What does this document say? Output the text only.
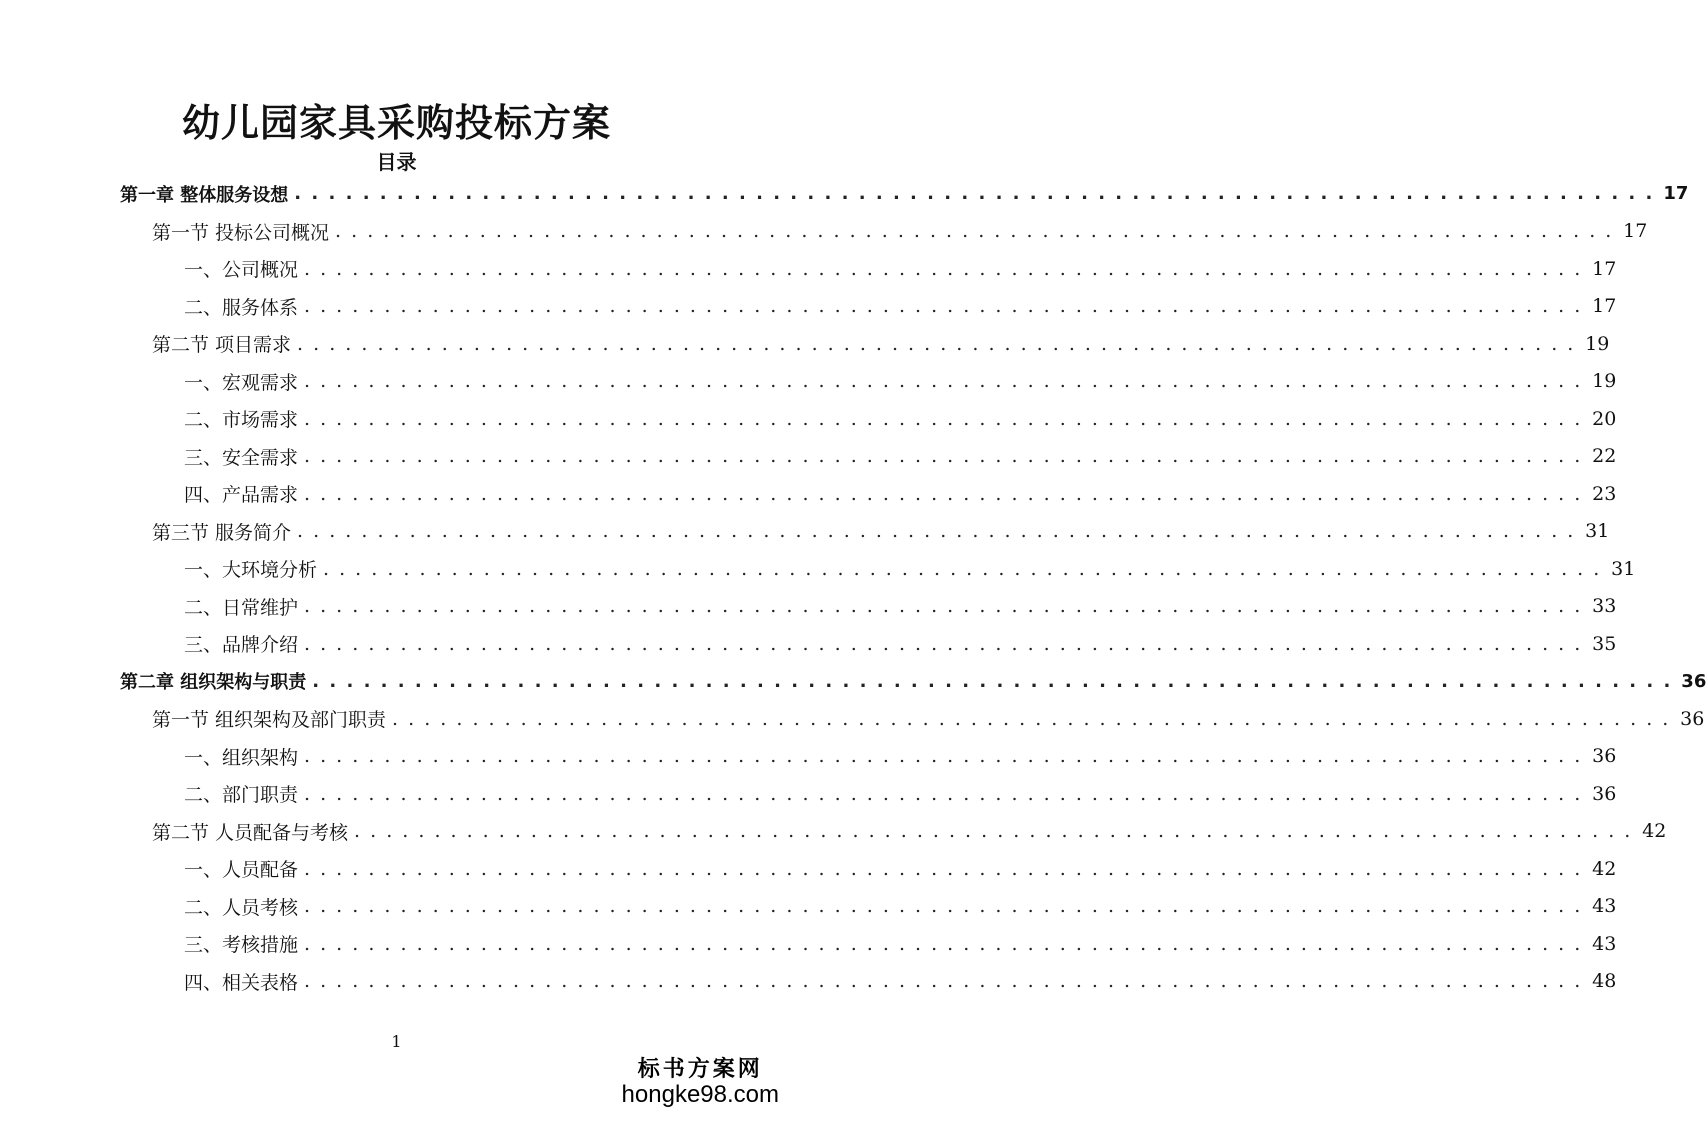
幼儿园家具采购投标方案
目录
第一章 整体服务设想 . . . . . . . . . . . . . . . . . . . . . . . . . . . . . . . . . . . . . . . . . . . . . . . . . . . . . . . . . . . . . . . . . . . . . . . . . . . . . . . . 17
第一节 投标公司概况 . . . . . . . . . . . . . . . . . . . . . . . . . . . . . . . . . . . . . . . . . . . . . . . . . . . . . . . . . . . . . . . . . . . . . . . . . . . . . . . . 17
一、公司概况 . . . . . . . . . . . . . . . . . . . . . . . . . . . . . . . . . . . . . . . . . . . . . . . . . . . . . . . . . . . . . . . . . . . . . . . . . . . . . . . . 17
二、服务体系 . . . . . . . . . . . . . . . . . . . . . . . . . . . . . . . . . . . . . . . . . . . . . . . . . . . . . . . . . . . . . . . . . . . . . . . . . . . . . . . . 17
第二节 项目需求 . . . . . . . . . . . . . . . . . . . . . . . . . . . . . . . . . . . . . . . . . . . . . . . . . . . . . . . . . . . . . . . . . . . . . . . . . . . . . . . . 19
一、宏观需求 . . . . . . . . . . . . . . . . . . . . . . . . . . . . . . . . . . . . . . . . . . . . . . . . . . . . . . . . . . . . . . . . . . . . . . . . . . . . . . . . 19
二、市场需求 . . . . . . . . . . . . . . . . . . . . . . . . . . . . . . . . . . . . . . . . . . . . . . . . . . . . . . . . . . . . . . . . . . . . . . . . . . . . . . . . 20
三、安全需求 . . . . . . . . . . . . . . . . . . . . . . . . . . . . . . . . . . . . . . . . . . . . . . . . . . . . . . . . . . . . . . . . . . . . . . . . . . . . . . . . 22
四、产品需求 . . . . . . . . . . . . . . . . . . . . . . . . . . . . . . . . . . . . . . . . . . . . . . . . . . . . . . . . . . . . . . . . . . . . . . . . . . . . . . . . 23
第三节 服务简介 . . . . . . . . . . . . . . . . . . . . . . . . . . . . . . . . . . . . . . . . . . . . . . . . . . . . . . . . . . . . . . . . . . . . . . . . . . . . . . . . 31
一、大环境分析 . . . . . . . . . . . . . . . . . . . . . . . . . . . . . . . . . . . . . . . . . . . . . . . . . . . . . . . . . . . . . . . . . . . . . . . . . . . . . . . . 31
二、日常维护 . . . . . . . . . . . . . . . . . . . . . . . . . . . . . . . . . . . . . . . . . . . . . . . . . . . . . . . . . . . . . . . . . . . . . . . . . . . . . . . . 33
三、品牌介绍 . . . . . . . . . . . . . . . . . . . . . . . . . . . . . . . . . . . . . . . . . . . . . . . . . . . . . . . . . . . . . . . . . . . . . . . . . . . . . . . . 35
第二章 组织架构与职责 . . . . . . . . . . . . . . . . . . . . . . . . . . . . . . . . . . . . . . . . . . . . . . . . . . . . . . . . . . . . . . . . . . . . . . . . . . . . . . . . 36
第一节 组织架构及部门职责 . . . . . . . . . . . . . . . . . . . . . . . . . . . . . . . . . . . . . . . . . . . . . . . . . . . . . . . . . . . . . . . . . . . . . . . . . . . . . . . . 36
一、组织架构 . . . . . . . . . . . . . . . . . . . . . . . . . . . . . . . . . . . . . . . . . . . . . . . . . . . . . . . . . . . . . . . . . . . . . . . . . . . . . . . . 36
二、部门职责 . . . . . . . . . . . . . . . . . . . . . . . . . . . . . . . . . . . . . . . . . . . . . . . . . . . . . . . . . . . . . . . . . . . . . . . . . . . . . . . . 36
第二节 人员配备与考核 . . . . . . . . . . . . . . . . . . . . . . . . . . . . . . . . . . . . . . . . . . . . . . . . . . . . . . . . . . . . . . . . . . . . . . . . . . . . . . . . 42
一、人员配备 . . . . . . . . . . . . . . . . . . . . . . . . . . . . . . . . . . . . . . . . . . . . . . . . . . . . . . . . . . . . . . . . . . . . . . . . . . . . . . . . 42
二、人员考核 . . . . . . . . . . . . . . . . . . . . . . . . . . . . . . . . . . . . . . . . . . . . . . . . . . . . . . . . . . . . . . . . . . . . . . . . . . . . . . . . 43
三、考核措施 . . . . . . . . . . . . . . . . . . . . . . . . . . . . . . . . . . . . . . . . . . . . . . . . . . . . . . . . . . . . . . . . . . . . . . . . . . . . . . . . 43
四、相关表格 . . . . . . . . . . . . . . . . . . . . . . . . . . . . . . . . . . . . . . . . . . . . . . . . . . . . . . . . . . . . . . . . . . . . . . . . . . . . . . . . 48
1
标书方案网
hongke98.com
